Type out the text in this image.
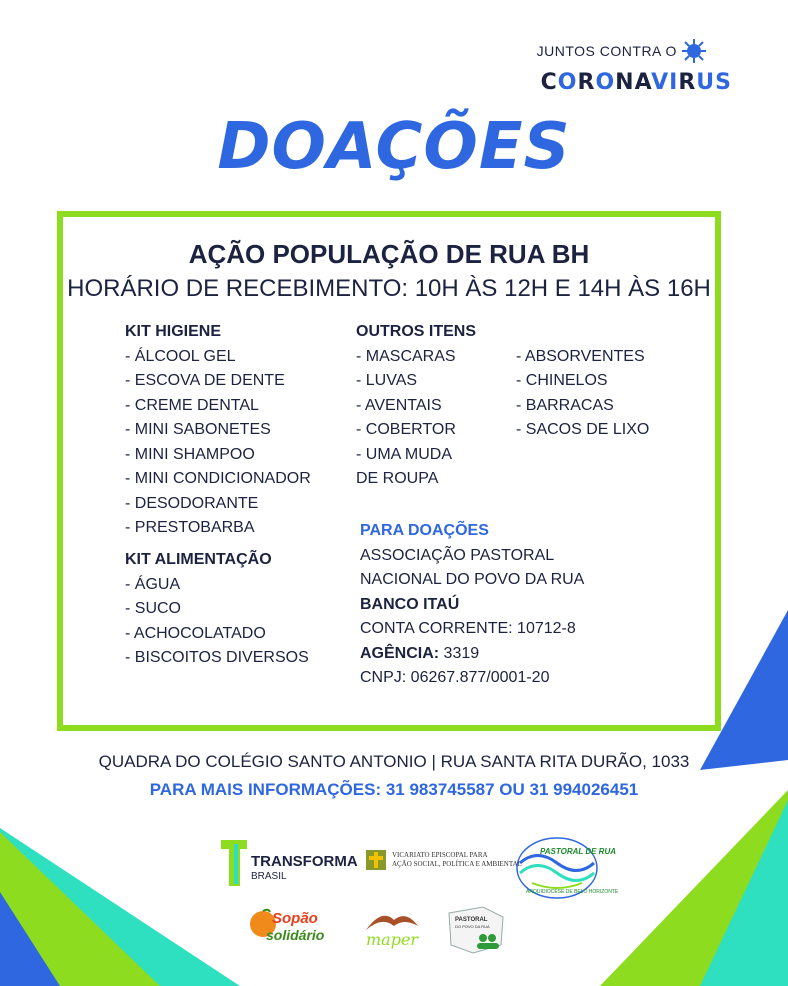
JUNTOS CONTRA O
CORONAVIRUS
DOAÇÕES
AÇÃO POPULAÇÃO DE RUA BH
HORÁRIO DE RECEBIMENTO: 10H ÀS 12H E 14H ÀS 16H
KIT HIGIENE
- ÁLCOOL GEL
- ESCOVA DE DENTE
- CREME DENTAL
- MINI SABONETES
- MINI SHAMPOO
- MINI CONDICIONADOR
- DESODORANTE
- PRESTOBARBA
KIT ALIMENTAÇÃO
- ÁGUA
- SUCO
- ACHOCOLATADO
- BISCOITOS DIVERSOS
OUTROS ITENS
- MASCARAS
- LUVAS
- AVENTAIS
- COBERTOR
- UMA MUDA
DE ROUPA
- ABSORVENTES
- CHINELOS
- BARRACAS
- SACOS DE LIXO
PARA DOAÇÕES
ASSOCIAÇÃO PASTORAL
NACIONAL DO POVO DA RUA
BANCO ITAÚ
CONTA CORRENTE: 10712-8
AGÊNCIA: 3319
CNPJ: 06267.877/0001-20
QUADRA DO COLÉGIO SANTO ANTONIO | RUA SANTA RITA DURÃO, 1033
PARA MAIS INFORMAÇÕES: 31 983745587 OU 31 994026451
TRANSFORMA
BRASIL
VICARIATO EPISCOPAL PARA
AÇÃO SOCIAL, POLÍTICA E AMBIENTAL
PASTORAL DE RUA
ARQUIDIOCESE DE BELO HORIZONTE
Sopão
solidário	maper
PASTORAL
DO POVO DA RUA
